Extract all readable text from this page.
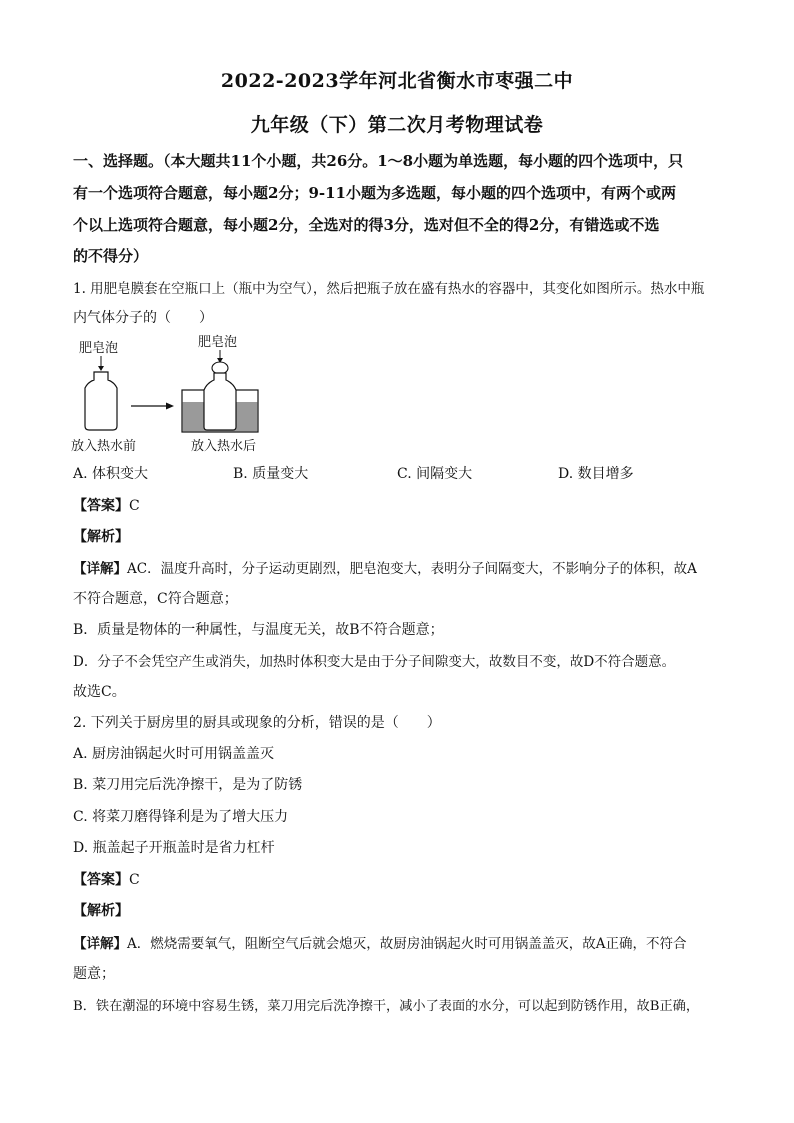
2022-2023学年河北省衡水市枣强二中
九年级（下）第二次月考物理试卷
一、选择题。（本大题共11个小题，共26分。1～8小题为单选题，每小题的四个选项中，只
有一个选项符合题意，每小题2分；9-11小题为多选题，每小题的四个选项中，有两个或两
个以上选项符合题意，每小题2分，全选对的得3分，选对但不全的得2分，有错选或不选
的不得分）
1. 用肥皂膜套在空瓶口上（瓶中为空气），然后把瓶子放在盛有热水的容器中，其变化如图所示。热水中瓶
内气体分子的（　　）
肥皂泡	肥皂泡
放入热水前	放入热水后
A. 体积变大	B. 质量变大	C. 间隔变大	D. 数目增多
【答案】C
【解析】
【详解】AC．温度升高时，分子运动更剧烈，肥皂泡变大，表明分子间隔变大，不影响分子的体积，故A
不符合题意，C符合题意；
B．质量是物体的一种属性，与温度无关，故B不符合题意；
D．分子不会凭空产生或消失，加热时体积变大是由于分子间隙变大，故数目不变，故D不符合题意。
故选C。
2. 下列关于厨房里的厨具或现象的分析，错误的是（　　）
A. 厨房油锅起火时可用锅盖盖灭
B. 菜刀用完后洗净擦干，是为了防锈
C. 将菜刀磨得锋利是为了增大压力
D. 瓶盖起子开瓶盖时是省力杠杆
【答案】C
【解析】
【详解】A．燃烧需要氧气，阻断空气后就会熄灭，故厨房油锅起火时可用锅盖盖灭，故A正确，不符合
题意；
B．铁在潮湿的环境中容易生锈，菜刀用完后洗净擦干，减小了表面的水分，可以起到防锈作用，故B正确，
